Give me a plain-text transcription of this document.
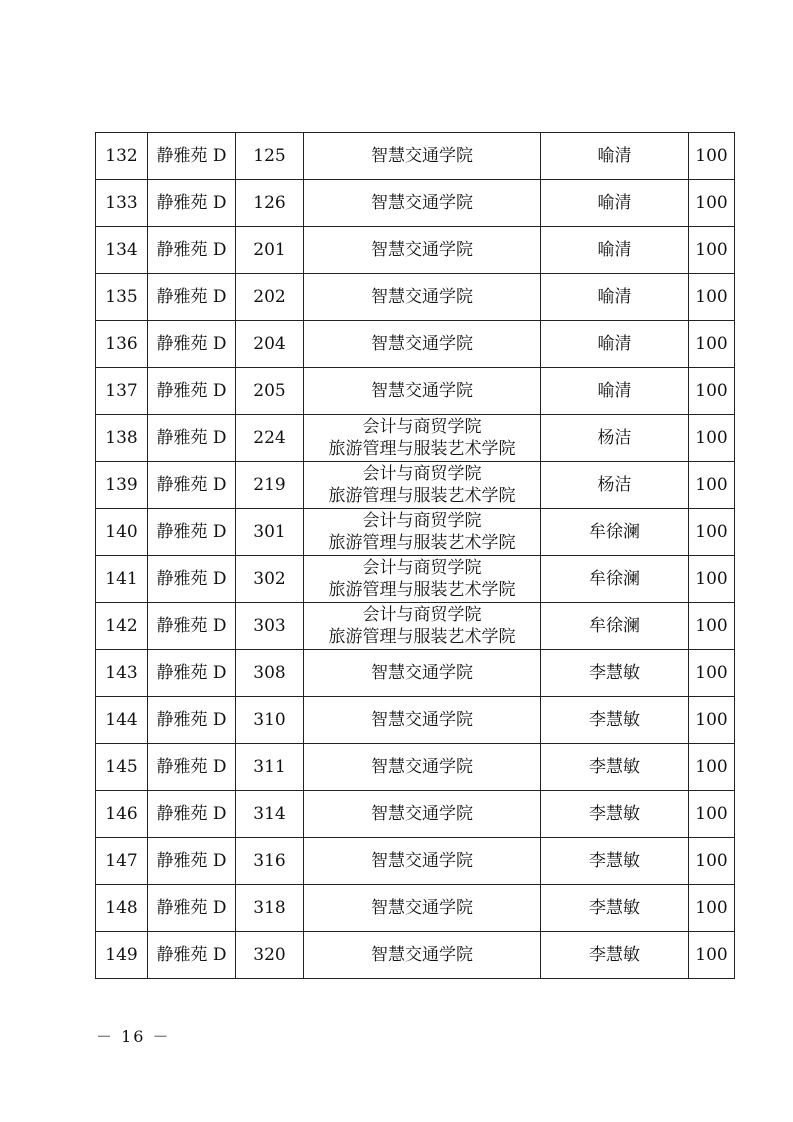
132	静雅苑 D	125	智慧交通学院	喻清	100
133	静雅苑 D	126	智慧交通学院	喻清	100
134	静雅苑 D	201	智慧交通学院	喻清	100
135	静雅苑 D	202	智慧交通学院	喻清	100
136	静雅苑 D	204	智慧交通学院	喻清	100
137	静雅苑 D	205	智慧交通学院	喻清	100
138	静雅苑 D	224	会计与商贸学院
旅游管理与服装艺术学院	杨洁	100
139	静雅苑 D	219	会计与商贸学院
旅游管理与服装艺术学院	杨洁	100
140	静雅苑 D	301	会计与商贸学院
旅游管理与服装艺术学院	牟徐澜	100
141	静雅苑 D	302	会计与商贸学院
旅游管理与服装艺术学院	牟徐澜	100
142	静雅苑 D	303	会计与商贸学院
旅游管理与服装艺术学院	牟徐澜	100
143	静雅苑 D	308	智慧交通学院	李慧敏	100
144	静雅苑 D	310	智慧交通学院	李慧敏	100
145	静雅苑 D	311	智慧交通学院	李慧敏	100
146	静雅苑 D	314	智慧交通学院	李慧敏	100
147	静雅苑 D	316	智慧交通学院	李慧敏	100
148	静雅苑 D	318	智慧交通学院	李慧敏	100
149	静雅苑 D	320	智慧交通学院	李慧敏	100
－ 16 －
